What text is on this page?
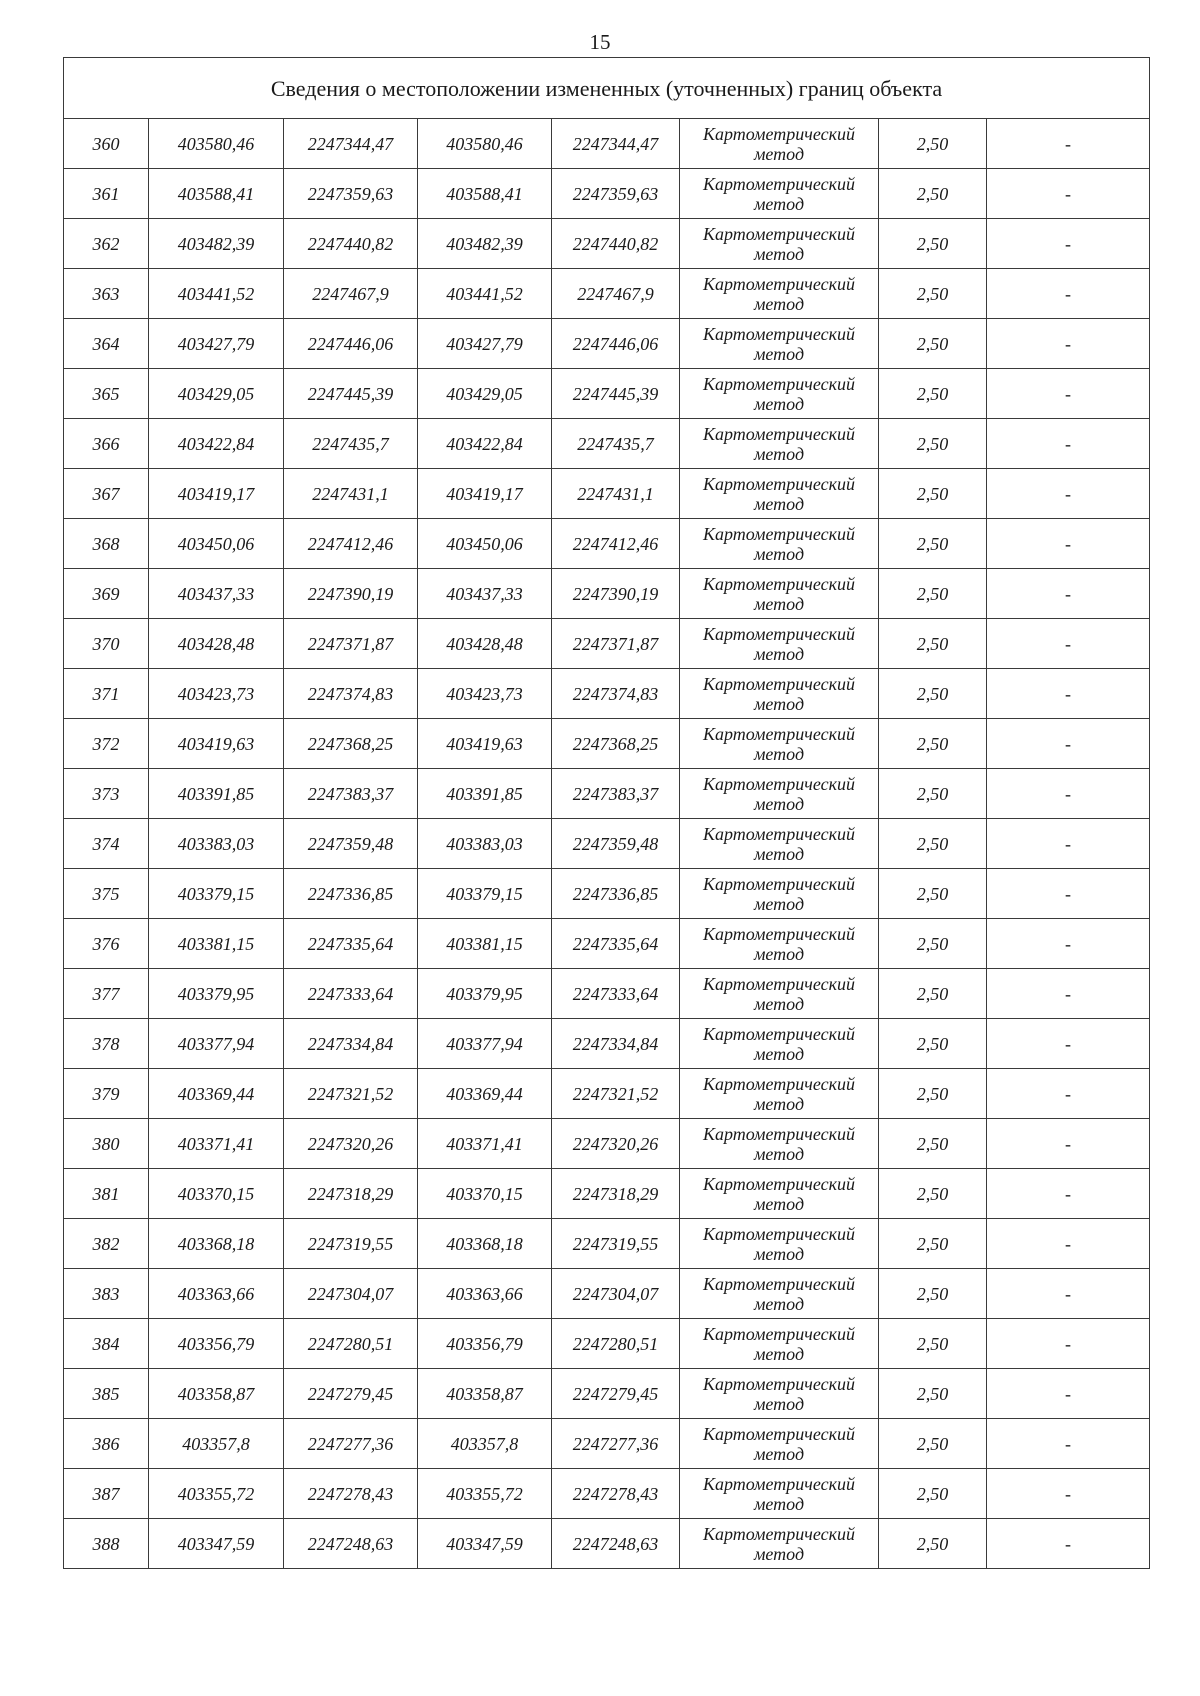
15
Сведения о местоположении измененных (уточненных) границ объекта							
360	403580,46	2247344,47	403580,46	2247344,47	Картометрический метод	2,50	-
361	403588,41	2247359,63	403588,41	2247359,63	Картометрический метод	2,50	-
362	403482,39	2247440,82	403482,39	2247440,82	Картометрический метод	2,50	-
363	403441,52	2247467,9	403441,52	2247467,9	Картометрический метод	2,50	-
364	403427,79	2247446,06	403427,79	2247446,06	Картометрический метод	2,50	-
365	403429,05	2247445,39	403429,05	2247445,39	Картометрический метод	2,50	-
366	403422,84	2247435,7	403422,84	2247435,7	Картометрический метод	2,50	-
367	403419,17	2247431,1	403419,17	2247431,1	Картометрический метод	2,50	-
368	403450,06	2247412,46	403450,06	2247412,46	Картометрический метод	2,50	-
369	403437,33	2247390,19	403437,33	2247390,19	Картометрический метод	2,50	-
370	403428,48	2247371,87	403428,48	2247371,87	Картометрический метод	2,50	-
371	403423,73	2247374,83	403423,73	2247374,83	Картометрический метод	2,50	-
372	403419,63	2247368,25	403419,63	2247368,25	Картометрический метод	2,50	-
373	403391,85	2247383,37	403391,85	2247383,37	Картометрический метод	2,50	-
374	403383,03	2247359,48	403383,03	2247359,48	Картометрический метод	2,50	-
375	403379,15	2247336,85	403379,15	2247336,85	Картометрический метод	2,50	-
376	403381,15	2247335,64	403381,15	2247335,64	Картометрический метод	2,50	-
377	403379,95	2247333,64	403379,95	2247333,64	Картометрический метод	2,50	-
378	403377,94	2247334,84	403377,94	2247334,84	Картометрический метод	2,50	-
379	403369,44	2247321,52	403369,44	2247321,52	Картометрический метод	2,50	-
380	403371,41	2247320,26	403371,41	2247320,26	Картометрический метод	2,50	-
381	403370,15	2247318,29	403370,15	2247318,29	Картометрический метод	2,50	-
382	403368,18	2247319,55	403368,18	2247319,55	Картометрический метод	2,50	-
383	403363,66	2247304,07	403363,66	2247304,07	Картометрический метод	2,50	-
384	403356,79	2247280,51	403356,79	2247280,51	Картометрический метод	2,50	-
385	403358,87	2247279,45	403358,87	2247279,45	Картометрический метод	2,50	-
386	403357,8	2247277,36	403357,8	2247277,36	Картометрический метод	2,50	-
387	403355,72	2247278,43	403355,72	2247278,43	Картометрический метод	2,50	-
388	403347,59	2247248,63	403347,59	2247248,63	Картометрический метод	2,50	-
